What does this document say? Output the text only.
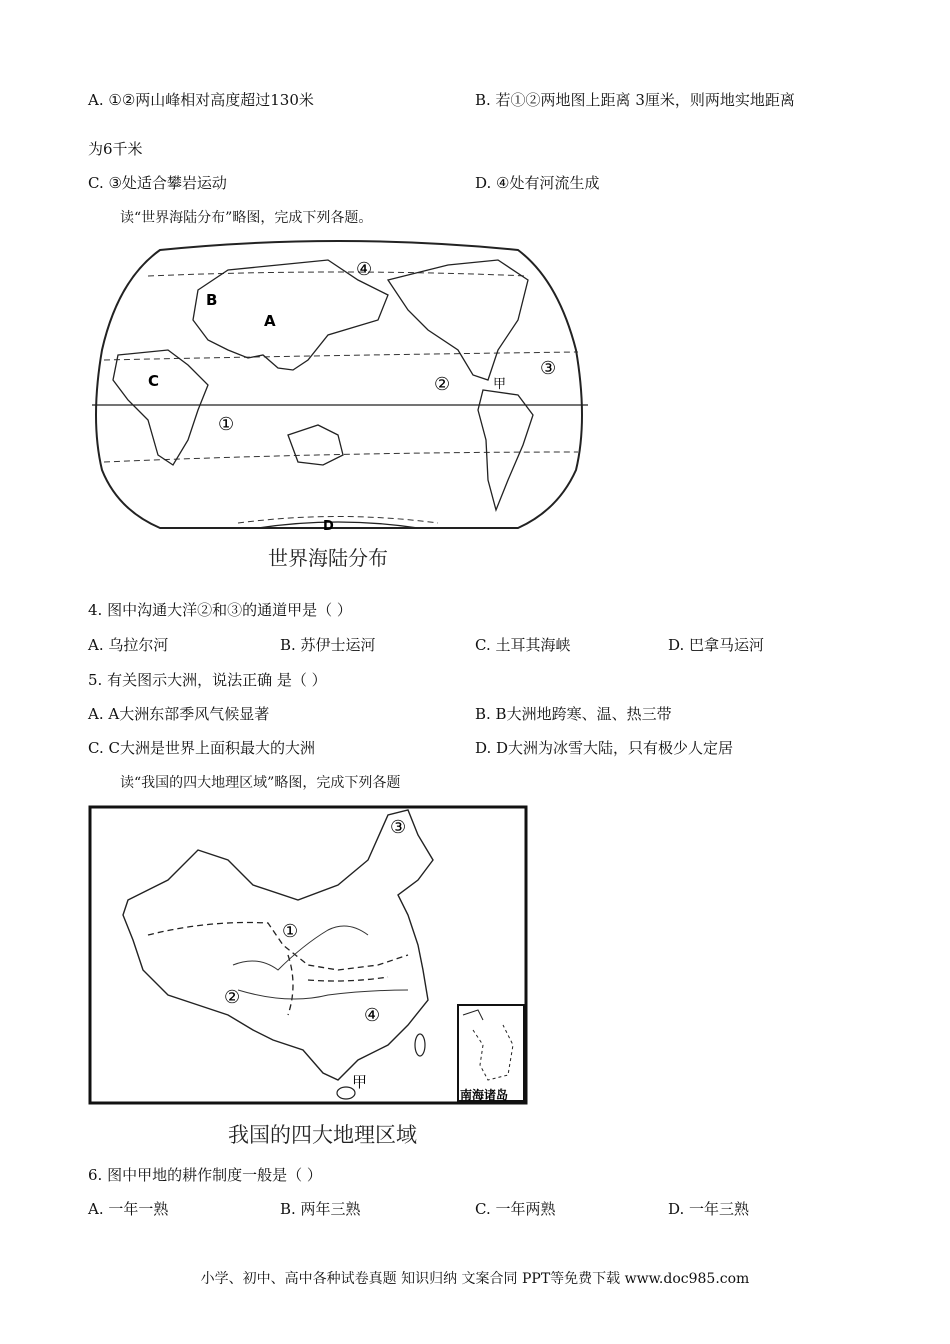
A. ①②两山峰相对高度超过130米	B. 若①②两地图上距离 3厘米，则两地实地距离
为6千米
C. ③处适合攀岩运动	D. ④处有河流生成
读“世界海陆分布”略图，完成下列各题。
B
A
C
D
①
②
③
④
甲
世界海陆分布
4. 图中沟通大洋②和③的通道甲是（ ）
A. 乌拉尔河	B. 苏伊士运河	C. 土耳其海峡	D. 巴拿马运河
5. 有关图示大洲，说法正确 是（ ）
A. A大洲东部季风气候显著	B. B大洲地跨寒、温、热三带
C. C大洲是世界上面积最大的大洲	D. D大洲为冰雪大陆，只有极少人定居
读“我国的四大地理区域”略图，完成下列各题
南海诸岛
①
②
③
④
甲
我国的四大地理区域
6. 图中甲地的耕作制度一般是（ ）
A. 一年一熟	B. 两年三熟	C. 一年两熟	D. 一年三熟
小学、初中、高中各种试卷真题 知识归纳 文案合同 PPT等免费下载 www.doc985.com
